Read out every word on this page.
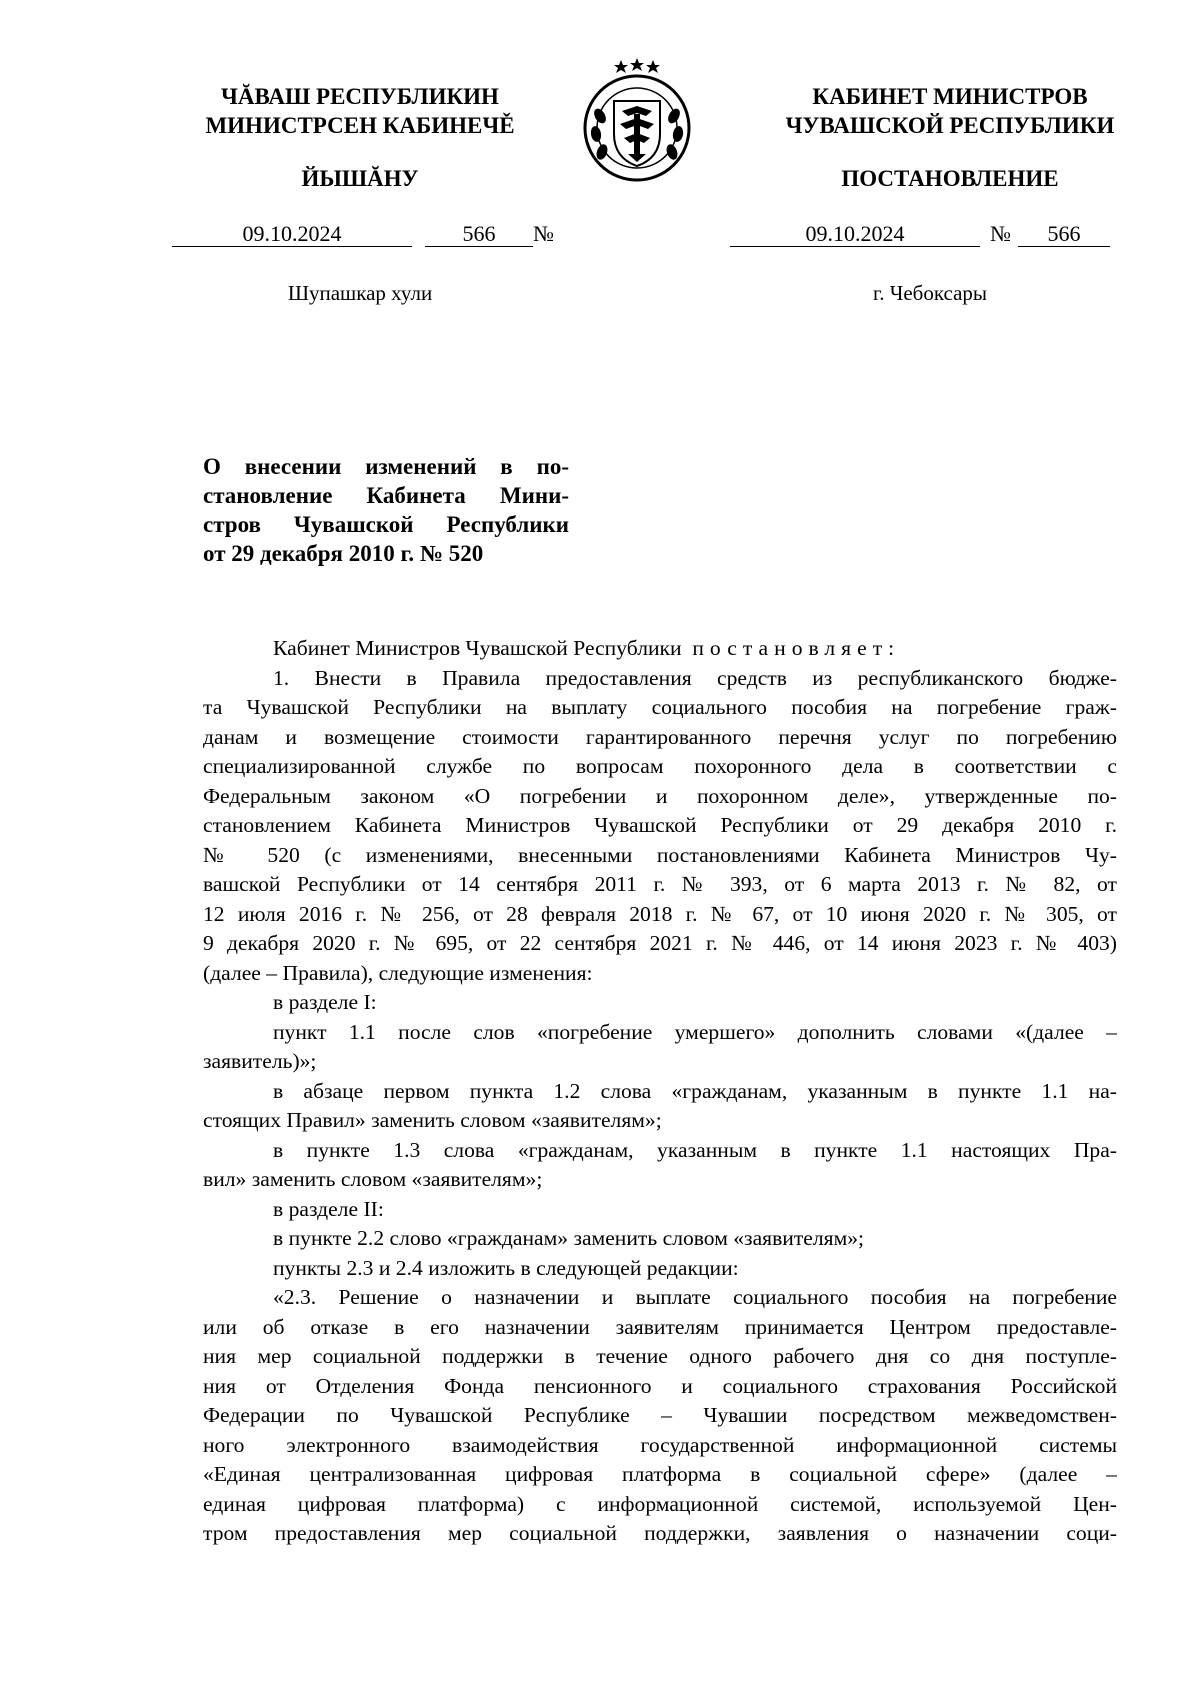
ЧĂВАШ РЕСПУБЛИКИН
МИНИСТРСЕН КАБИНЕЧĚ
ЙЫШĂНУ
КАБИНЕТ МИНИСТРОВ
ЧУВАШСКОЙ РЕСПУБЛИКИ
ПОСТАНОВЛЕНИЕ
09.10.2024	566	№	09.10.2024	№	566
Шупашкар хули	г. Чебоксары
О внесении изменений в по-
становление Кабинета Мини-
стров Чувашской Республики
от 29 декабря 2010 г. № 520
Кабинет Министров Чувашской Республики постановляет:
1. Внести в Правила предоставления средств из республиканского бюдже-
та Чувашской Республики на выплату социального пособия на погребение граж-
данам и возмещение стоимости гарантированного перечня услуг по погребению
специализированной службе по вопросам похоронного дела в соответствии с
Федеральным законом «О погребении и похоронном деле», утвержденные по-
становлением Кабинета Министров Чувашской Республики от 29 декабря 2010 г.
№ 520 (с изменениями, внесенными постановлениями Кабинета Министров Чу-
вашской Республики от 14 сентября 2011 г. № 393, от 6 марта 2013 г. № 82, от
12 июля 2016 г. № 256, от 28 февраля 2018 г. № 67, от 10 июня 2020 г. № 305, от
9 декабря 2020 г. № 695, от 22 сентября 2021 г. № 446, от 14 июня 2023 г. № 403)
(далее – Правила), следующие изменения:
в разделе I:
пункт 1.1 после слов «погребение умершего» дополнить словами «(далее –
заявитель)»;
в абзаце первом пункта 1.2 слова «гражданам, указанным в пункте 1.1 на-
стоящих Правил» заменить словом «заявителям»;
в пункте 1.3 слова «гражданам, указанным в пункте 1.1 настоящих Пра-
вил» заменить словом «заявителям»;
в разделе II:
в пункте 2.2 слово «гражданам» заменить словом «заявителям»;
пункты 2.3 и 2.4 изложить в следующей редакции:
«2.3. Решение о назначении и выплате социального пособия на погребение
или об отказе в его назначении заявителям принимается Центром предоставле-
ния мер социальной поддержки в течение одного рабочего дня со дня поступле-
ния от Отделения Фонда пенсионного и социального страхования Российской
Федерации по Чувашской Республике – Чувашии посредством межведомствен-
ного электронного взаимодействия государственной информационной системы
«Единая централизованная цифровая платформа в социальной сфере» (далее –
единая цифровая платформа) с информационной системой, используемой Цен-
тром предоставления мер социальной поддержки, заявления о назначении соци-
